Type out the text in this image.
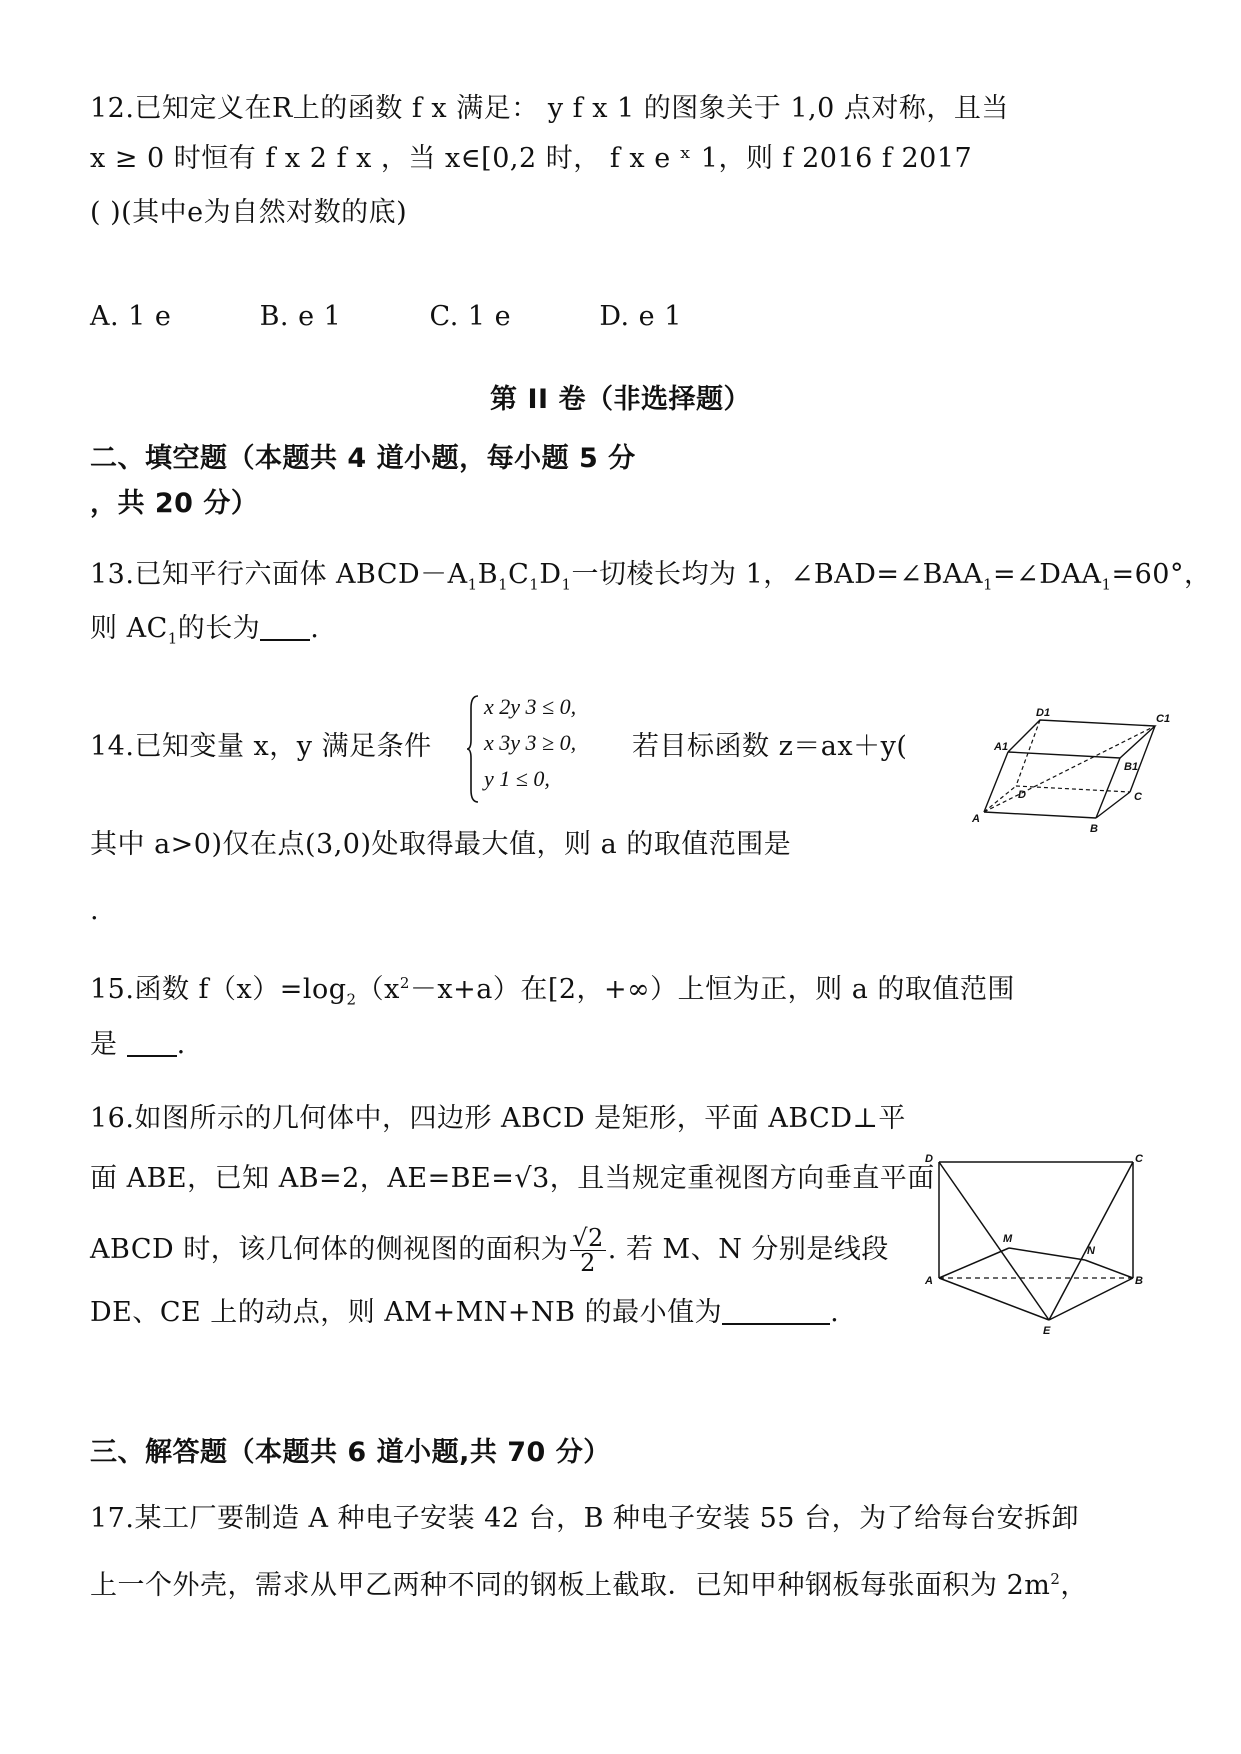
12.已知定义在R上的函数 f x 满足： y f x 1 的图象关于 1,0 点对称，且当
x ≥ 0 时恒有 f x 2 f x ，当 x∈[0,2 时， f x e ˣ 1，则 f 2016 f 2017
( )(其中e为自然对数的底)
A. 1 e	B. e 1	C. 1 e	D. e 1
第 II 卷（非选择题）
二、填空题（本题共 4 道小题，每小题 5 分
，共 20 分）
13.已知平行六面体 $ABCD-A_1B_1C_1D_1$一切棱长均为 1，$\angle BAD=\angle BAA_1=\angle DAA_1=60^\circ$，
则 $AC_1$的长为 .
14.已知变量 x，y 满足条件
x 2y 3 ≤ 0,
x 3y 3 ≥ 0,
y 1 ≤ 0,
若目标函数 z＝ax＋y(
其中 a>0)仅在点(3,0)处取得最大值，则 a 的取值范围是
.
D1	C1
A1
B1
D	C
A
B
15.函数 $f(x)=\log_2(x^2-x+a)$在[2，+∞）上恒为正，则 a 的取值范围
是 .
16.如图所示的几何体中，四边形 ABCD 是矩形，平面 ABCD⊥平
面 ABE，已知 AB=2，AE=BE=√3，且当规定重视图方向垂直平面
ABCD 时，该几何体的侧视图的面积为 $\frac{√2}{2}$ . 若 M、N 分别是线段
DE、CE 上的动点，则 AM+MN+NB 的最小值为	.
D	C
M
N
A	B
E
三、解答题（本题共 6 道小题,共 70 分）
17.某工厂要制造 A 种电子安装 42 台，B 种电子安装 55 台，为了给每台安拆卸
上一个外壳，需求从甲乙两种不同的钢板上截取．已知甲种钢板每张面积为 $2m^2$，
